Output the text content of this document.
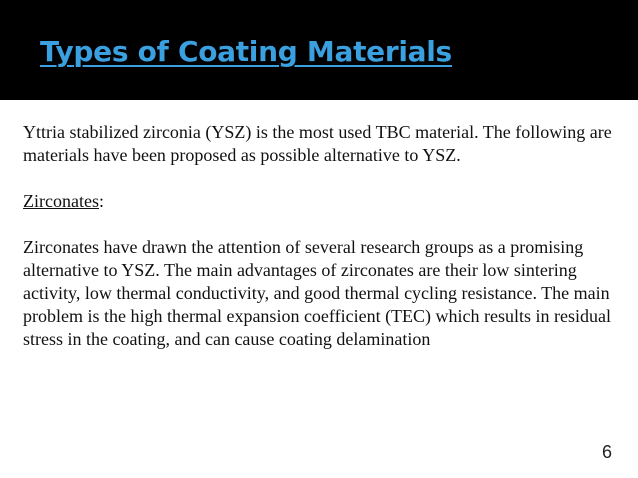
Types of Coating Materials

Yttria stabilized zirconia (YSZ) is the most used TBC material. The following are materials have been proposed as possible alternative to YSZ.

Zirconates:

Zirconates have drawn the attention of several research groups as a promising alternative to YSZ. The main advantages of zirconates are their low sintering activity, low thermal conductivity, and good thermal cycling resistance. The main problem is the high thermal expansion coefficient (TEC) which results in residual stress in the coating, and can cause coating delamination

6
